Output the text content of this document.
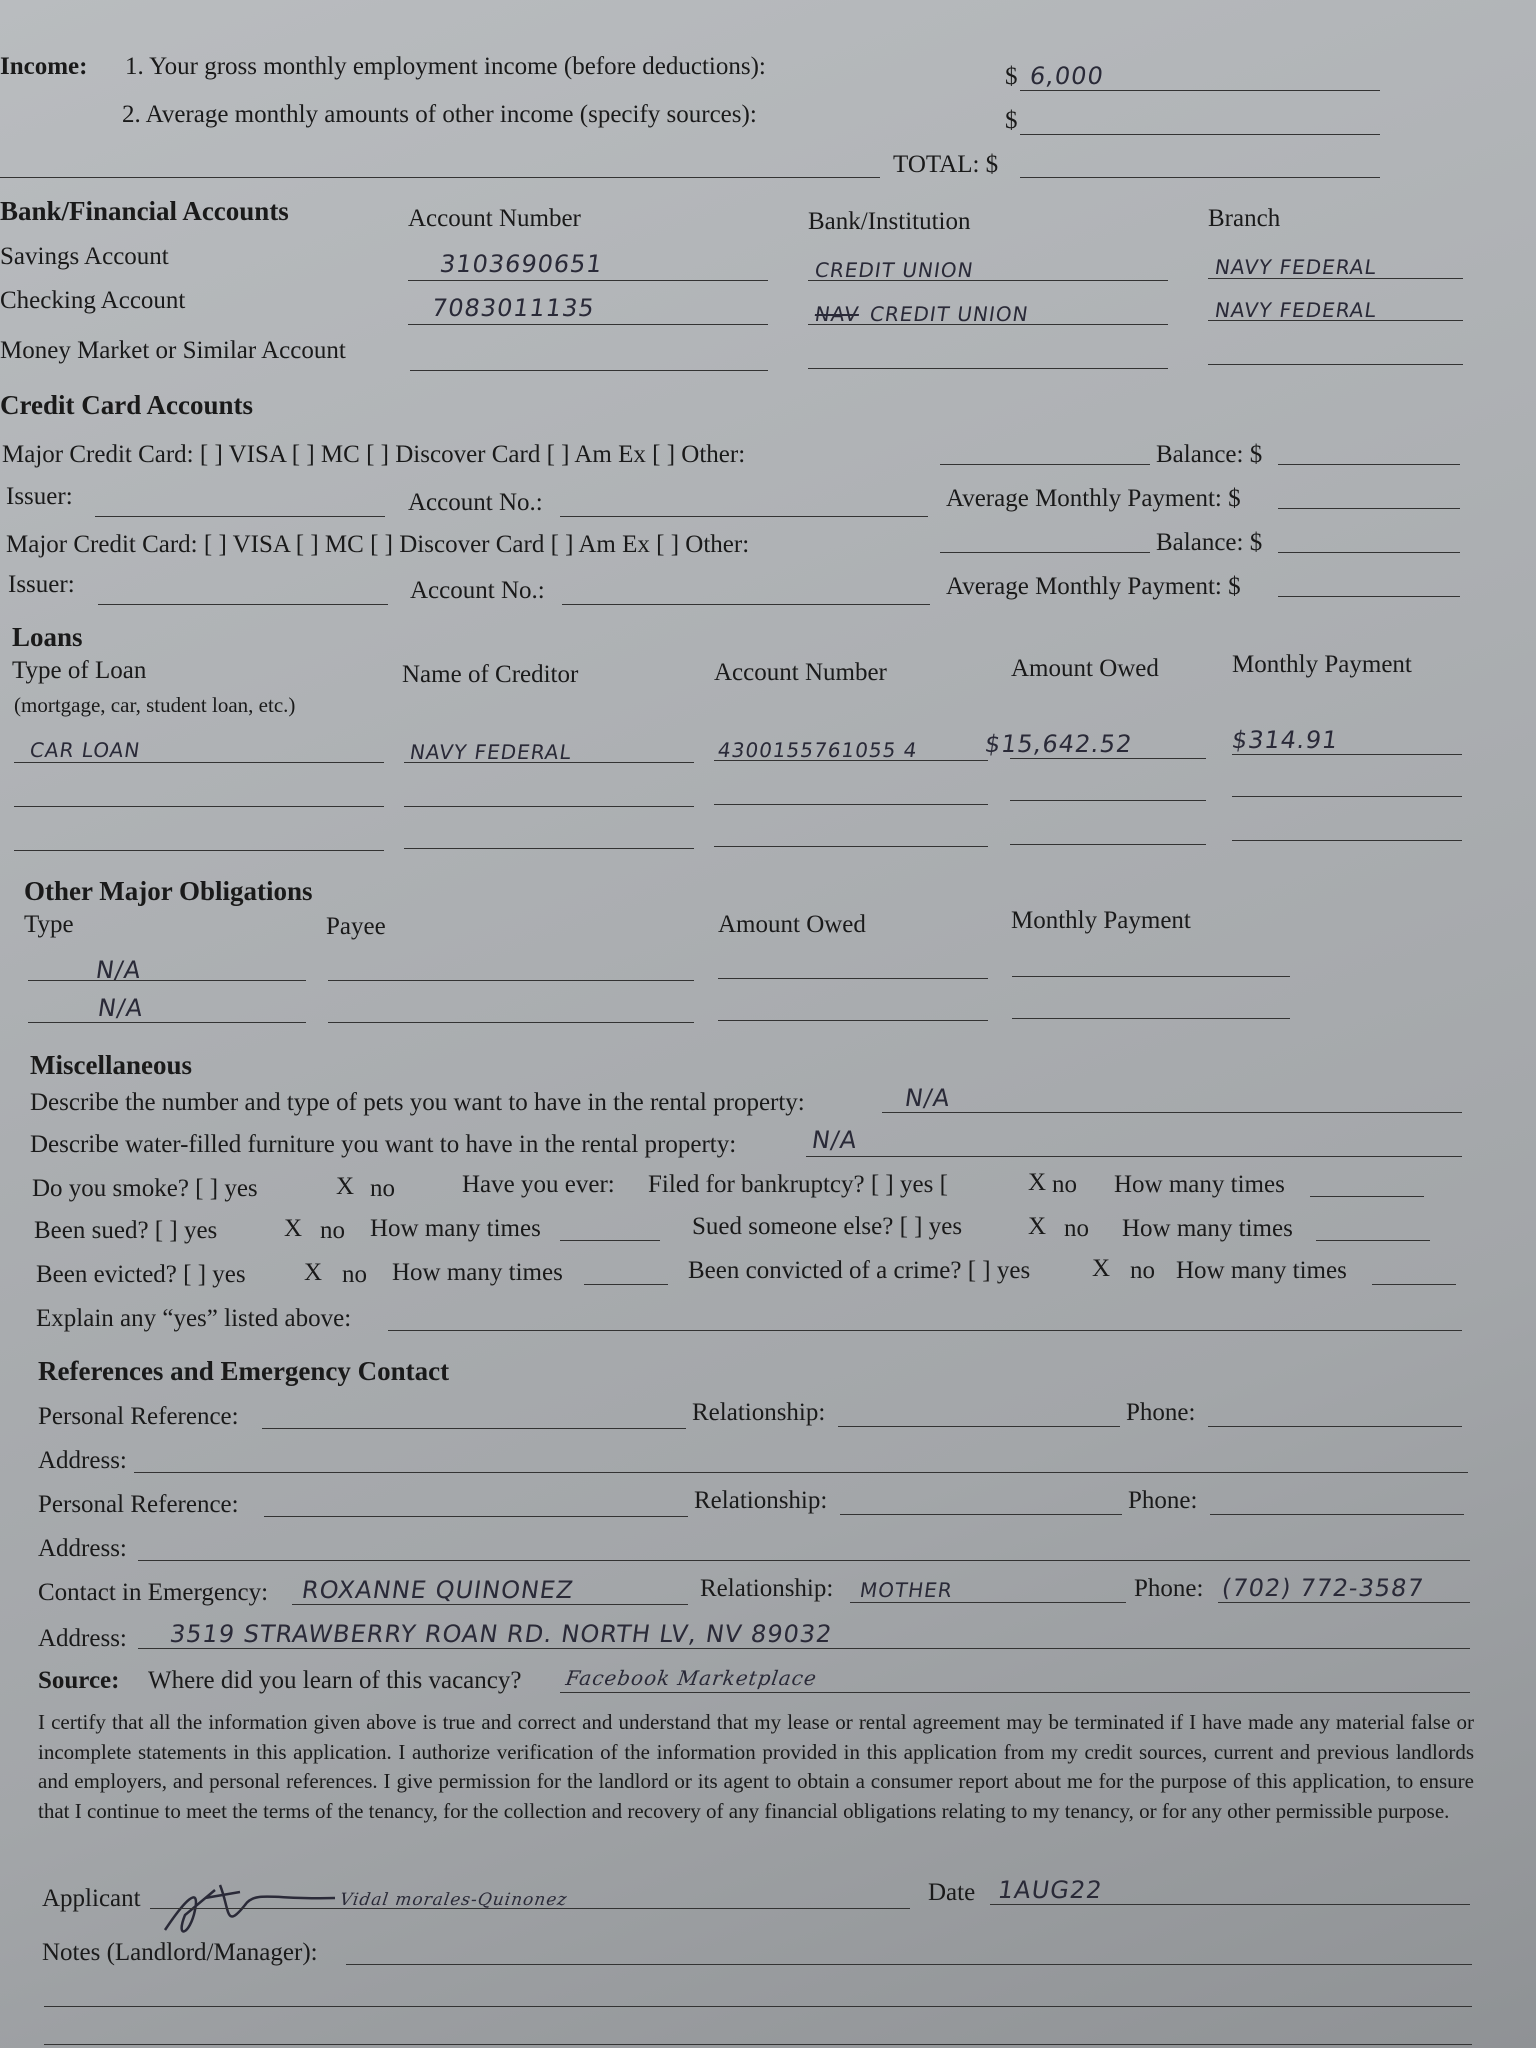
Income: 1. Your gross monthly employment income (before deductions):	$ 6,000
2. Average monthly amounts of other income (specify sources):	$
TOTAL: $
Bank/Financial Accounts	Account Number	Bank/Institution	Branch
Savings Account	3103690651	CREDIT UNION	NAVY FEDERAL
Checking Account	7083011135	NAV CREDIT UNION	NAVY FEDERAL
Money Market or Similar Account
Credit Card Accounts
Major Credit Card: [ ] VISA [ ] MC [ ] Discover Card [ ] Am Ex [ ] Other:	Balance: $
Issuer:	Account No.:	Average Monthly Payment: $
Major Credit Card: [ ] VISA [ ] MC [ ] Discover Card [ ] Am Ex [ ] Other:	Balance: $
Issuer:	Account No.:	Average Monthly Payment: $
Loans
Type of Loan
(mortgage, car, student loan, etc.)
Name of Creditor	Account Number	Amount Owed	Monthly Payment
CAR LOAN	NAVY FEDERAL	4300155761055 4	$15,642.52	$314.91
Other Major Obligations
Type	Payee	Amount Owed	Monthly Payment
N/A
N/A
Miscellaneous
Describe the number and type of pets you want to have in the rental property:	N/A
Describe water-filled furniture you want to have in the rental property:	N/A
Do you smoke? [ ] yes	X no	Have you ever: Filed for bankruptcy? [ ] yes [	X no How many times
Been sued? [ ] yes	X no How many times	Sued someone else? [ ] yes	X no How many times
Been evicted? [ ] yes X no How many times	Been convicted of a crime? [ ] yes X no How many times
Explain any “yes” listed above:
References and Emergency Contact
Personal Reference:	Relationship:	Phone:
Address:
Personal Reference:	Relationship:	Phone:
Address:
Contact in Emergency: ROXANNE QUINONEZ	Relationship: MOTHER	Phone: (702) 772-3587
Address: 3519 STRAWBERRY ROAN RD. NORTH LV, NV 89032
Source: Where did you learn of this vacancy? Facebook Marketplace
I certify that all the information given above is true and correct and understand that my lease or rental agreement may be terminated if I have made any material false or incomplete statements in this application. I authorize verification of the information provided in this application from my credit sources, current and previous landlords and employers, and personal references. I give permission for the landlord or its agent to obtain a consumer report about me for the purpose of this application, to ensure that I continue to meet the terms of the tenancy, for the collection and recovery of any financial obligations relating to my tenancy, or for any other permissible purpose.
Applicant	Vidal morales-Quinonez	Date 1AUG22
Notes (Landlord/Manager):
